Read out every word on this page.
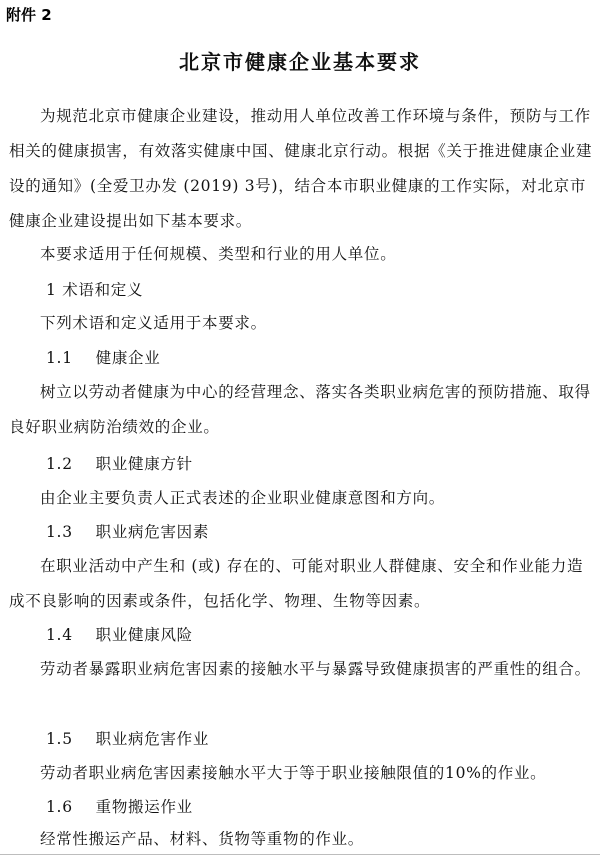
附件 2
北京市健康企业基本要求
为规范北京市健康企业建设，推动用人单位改善工作环境与条件，预防与工作相关的健康损害，有效落实健康中国、健康北京行动。根据《关于推进健康企业建设的通知》(全爱卫办发 (2019) 3号)，结合本市职业健康的工作实际，对北京市健康企业建设提出如下基本要求。
本要求适用于任何规模、类型和行业的用人单位。
1 术语和定义
下列术语和定义适用于本要求。
1.1 健康企业
树立以劳动者健康为中心的经营理念、落实各类职业病危害的预防措施、取得良好职业病防治绩效的企业。
1.2 职业健康方针
由企业主要负责人正式表述的企业职业健康意图和方向。
1.3 职业病危害因素
在职业活动中产生和 (或) 存在的、可能对职业人群健康、安全和作业能力造成不良影响的因素或条件，包括化学、物理、生物等因素。
1.4 职业健康风险
劳动者暴露职业病危害因素的接触水平与暴露导致健康损害的严重性的组合。
1.5 职业病危害作业
劳动者职业病危害因素接触水平大于等于职业接触限值的10%的作业。
1.6 重物搬运作业
经常性搬运产品、材料、货物等重物的作业。
